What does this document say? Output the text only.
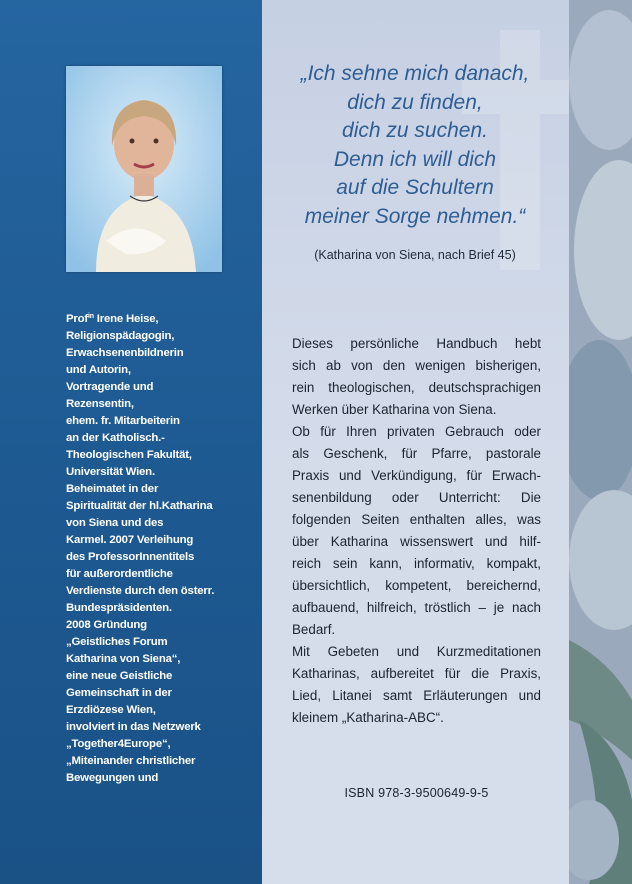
Prof$^{in}$ Irene Heise,
Religionspädagogin,
Erwachsenenbildnerin
und Autorin,
Vortragende und
Rezensentin,
ehem. fr. Mitarbeiterin
an der Katholisch.-
Theologischen Fakultät,
Universität Wien.
Beheimatet in der
Spiritualität der hl.Katharina
von Siena und des
Karmel. 2007 Verleihung
des ProfessorInnentitels
für außerordentliche
Verdienste durch den österr.
Bundespräsidenten.
2008 Gründung
„Geistliches Forum
Katharina von Siena“,
eine neue Geistliche
Gemeinschaft in der
Erzdiözese Wien,
involviert in das Netzwerk
„Together4Europe“,
„Miteinander christlicher
Bewegungen und
„Ich sehne mich danach,
dich zu finden,
dich zu suchen.
Denn ich will dich
auf die Schultern
meiner Sorge nehmen.“
(Katharina von Siena, nach Brief 45)
Dieses persönliche Handbuch hebt
sich ab von den wenigen bisherigen,
rein theologischen, deutschsprachigen
Werken über Katharina von Siena.
Ob für Ihren privaten Gebrauch oder
als Geschenk, für Pfarre, pastorale
Praxis und Verkündigung, für Erwach-
senenbildung oder Unterricht: Die
folgenden Seiten enthalten alles, was
über Katharina wissenswert und hilf-
reich sein kann, informativ, kompakt,
übersichtlich, kompetent, bereichernd,
aufbauend, hilfreich, tröstlich – je nach
Bedarf.
Mit Gebeten und Kurzmeditationen
Katharinas, aufbereitet für die Praxis,
Lied, Litanei samt Erläuterungen und
kleinem „Katharina-ABC“.
ISBN 978-3-9500649-9-5
